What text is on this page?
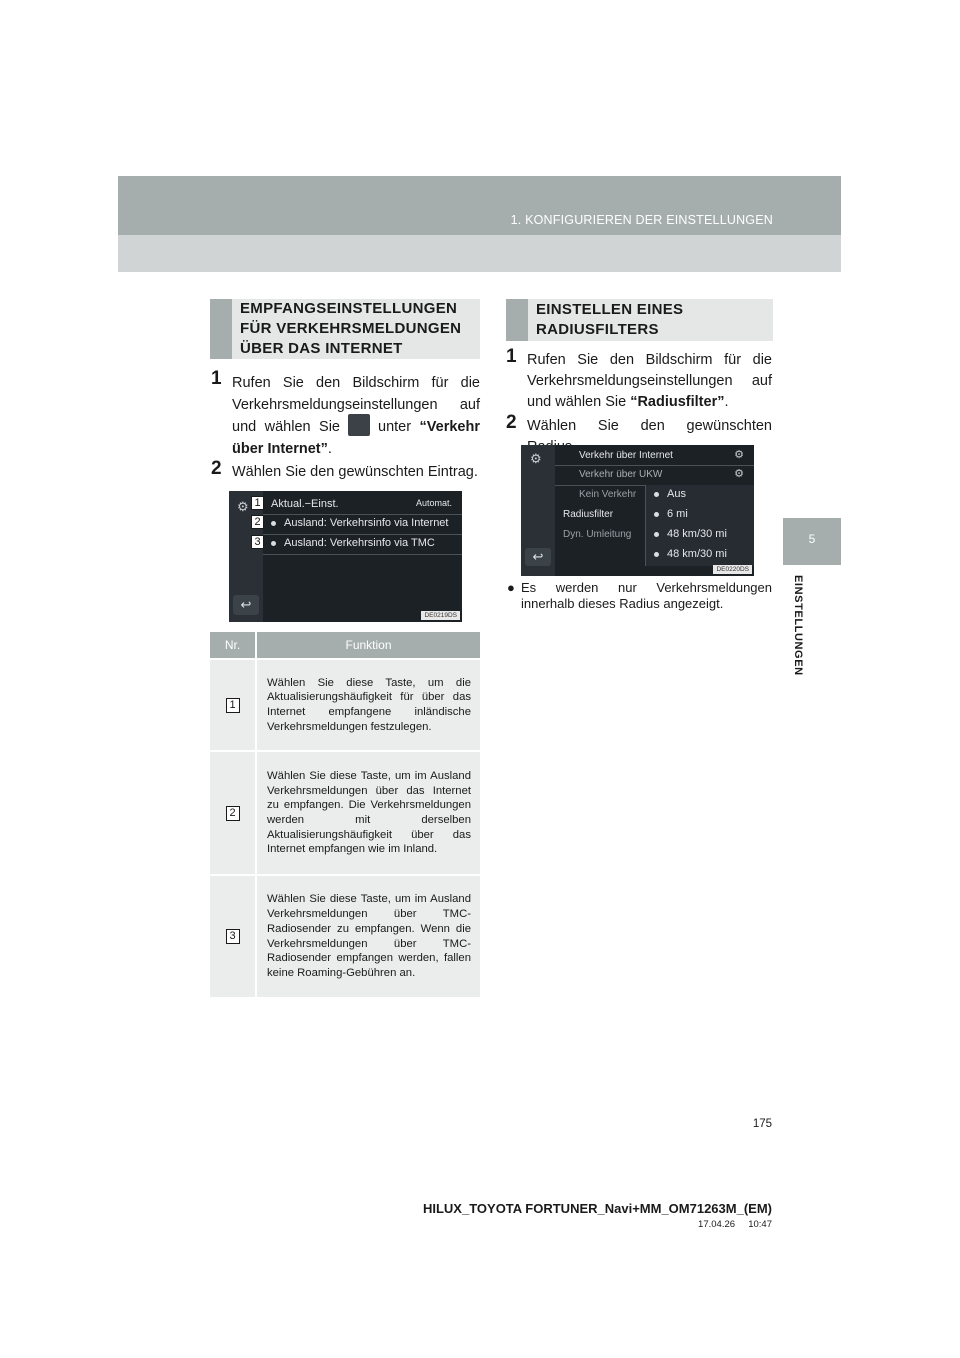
1. KONFIGURIEREN DER EINSTELLUNGEN
5
EINSTELLUNGEN
EMPFANGSEINSTELLUNGEN FÜR VERKEHRSMELDUNGEN ÜBER DAS INTERNET
1 Rufen Sie den Bildschirm für die Verkehrsmeldungseinstellungen auf und wählen Sie	unter “Verkehr über Internet”.
2 Wählen Sie den gewünschten Eintrag.
⚙ Aktual.−Einst.	Automat.
Ausland: Verkehrsinfo via Internet
Ausland: Verkehrsinfo via TMC
↩
DE0219DS
1
2
3
Nr.	Funktion
1	Wählen Sie diese Taste, um die Aktualisierungshäufigkeit für über das Internet empfangene inländische Verkehrsmeldungen festzulegen.
2	Wählen Sie diese Taste, um im Ausland Verkehrsmeldungen über das Internet zu empfangen. Die Verkehrsmeldungen werden mit derselben Aktualisierungshäufigkeit über das Internet empfangen wie im Inland.
3	Wählen Sie diese Taste, um im Ausland Verkehrsmeldungen über TMC-Radiosender zu empfangen. Wenn die Verkehrsmeldungen über TMC-Radiosender empfangen werden, fallen keine Roaming-Gebühren an.
EINSTELLEN EINES RADIUSFILTERS
1 Rufen Sie den Bildschirm für die Verkehrsmeldungseinstellungen auf und wählen Sie “Radiusfilter”.
2 Wählen Sie den gewünschten
⚙	Verkehr über Internet	⚙
Verkehr über UKW	⚙
Kein Verkehr
Radiusfilter
Dyn. Umleitung
Aus
6 mi
48 km/30 mi
48 km/30 mi
↩
DE0220DS
● Es werden nur Verkehrsmeldungen innerhalb dieses Radius angezeigt.
175
HILUX_TOYOTA FORTUNER_Navi+MM_OM71263M_(EM)
17.04.26     10:47
